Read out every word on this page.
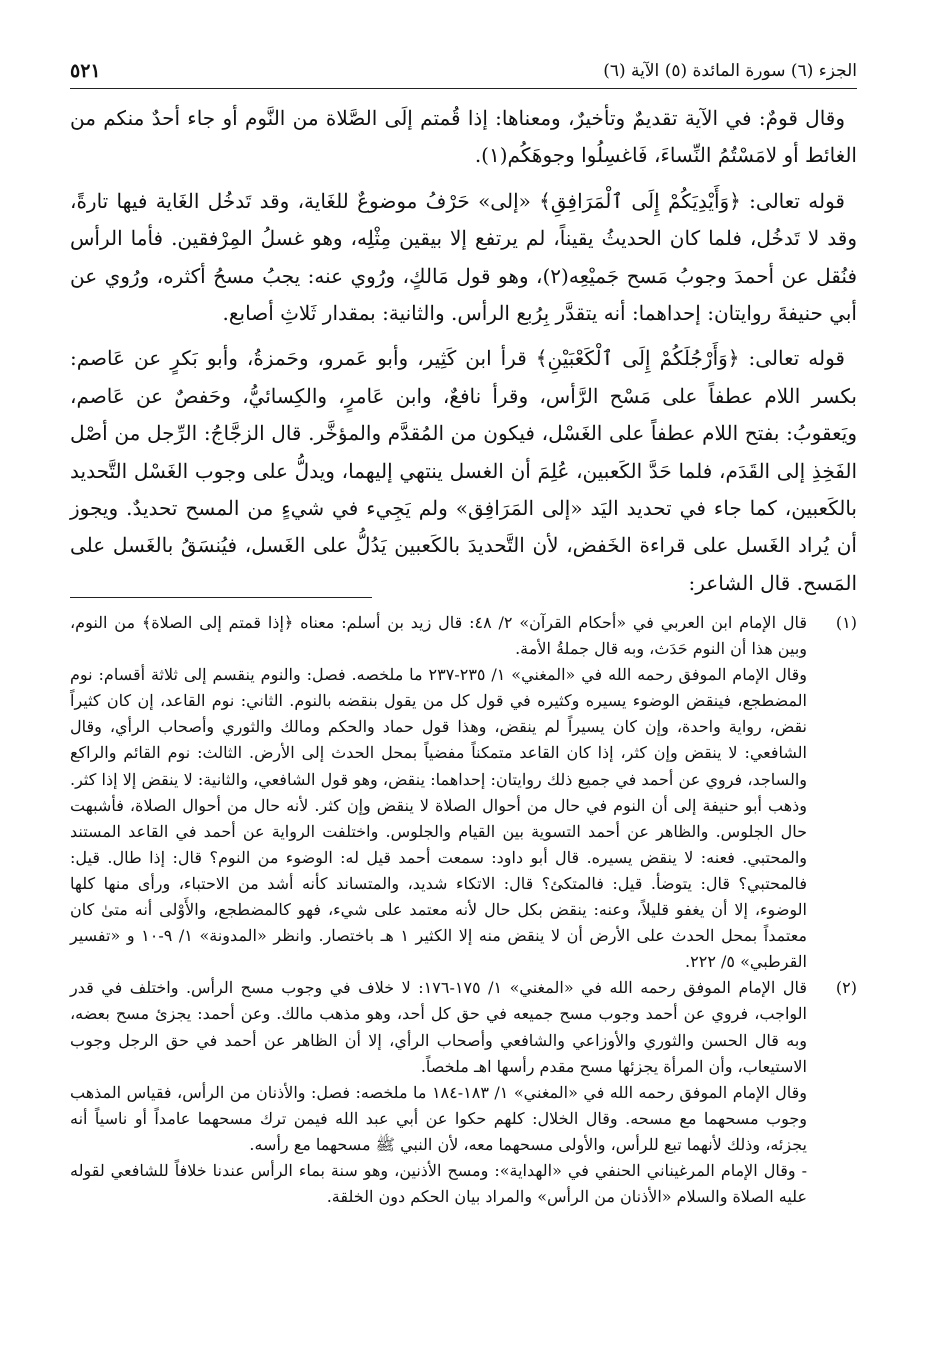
الجزء (٦) سورة المائدة (٥) الآية (٦)
٥٢١

وقال قومٌ: في الآية تقديمٌ وتأخيرٌ، ومعناها: إذا قُمتم إلَى الصَّلاة من النَّوم أو جاء أحدٌ منكم من الغائط أو لامَسْتُمُ النِّساءَ، فَاغسِلُوا وجوهَكُم(١).

قوله تعالى: ﴿وَأَيْدِيَكُمْ إِلَى ٱلْمَرَافِقِ﴾ «إلى» حَرْفُ موضوعٌ للغَاية، وقد تَدخُل الغَاية فيها تارةً، وقد لا تَدخُل، فلما كان الحديثُ يقيناً، لم يرتفع إلا بيقين مِثْلِه، وهو غسلُ المِرْفقين. فأما الرأس فنُقل عن أحمدَ وجوبُ مَسح جَميْعِه(٢)، وهو قول مَالكٍ، ورُوي عنه: يجبُ مسحُ أكثره، ورُوي عن أبي حنيفةَ روايتان: إحداهما: أنه يتقدَّر بِرُبع الرأس. والثانية: بمقدار ثَلاثِ أصابع.

قوله تعالى: ﴿وَأَرْجُلَكُمْ إِلَى ٱلْكَعْبَيْنِ﴾ قرأ ابن كَثِير، وأبو عَمرو، وحَمزةُ، وأبو بَكرٍ عن عَاصم: بكسر اللام عطفاً على مَسْح الرَّأس، وقرأ نافعٌ، وابن عَامرٍ، والكِسائيُّ، وحَفصٌ عن عَاصم، ويَعقوبُ: بفتح اللام عطفاً على الغَسْل، فيكون من المُقدَّم والمؤخَّر. قال الزجَّاجُ: الرِّجل من أصْل الفَخِذِ إلى القَدَم، فلما حَدَّ الكَعبين، عُلِمَ أن الغسل ينتهي إليهما، ويدلُّ على وجوب الغَسْل التَّحديد بالكَعبين، كما جاء في تحديد اليَد «إلى المَرَافِق» ولم يَجِيء في شيءٍ من المسح تحديدٌ. ويجوز أن يُراد الغَسل على قراءة الخَفض، لأن التَّحديدَ بالكَعبين يَدُلُّ على الغَسل، فيُنسَقُ بالغَسل على المَسح. قال الشاعر:

(١)
قال الإمام ابن العربي في «أحكام القرآن» ٢/ ٤٨: قال زيد بن أسلم: معناه ﴿إذا قمتم إلى الصلاة﴾ من النوم، وبين هذا أن النوم حَدَث، وبه قال جملةُ الأمة.
وقال الإمام الموفق رحمه الله في «المغني» ١/ ٢٣٥-٢٣٧ ما ملخصه. فصل: والنوم ينقسم إلى ثلاثة أقسام: نوم المضطجع، فينقض الوضوء يسيره وكثيره في قول كل من يقول بنقضه بالنوم. الثاني: نوم القاعد، إن كان كثيراً نقض، رواية واحدة، وإن كان يسيراً لم ينقض، وهذا قول حماد والحكم ومالك والثوري وأصحاب الرأي، وقال الشافعي: لا ينقض وإن كثر، إذا كان القاعد متمكناً مفضياً بمحل الحدث إلى الأرض. الثالث: نوم القائم والراكع والساجد، فروي عن أحمد في جميع ذلك روايتان: إحداهما: ينقض، وهو قول الشافعي، والثانية: لا ينقض إلا إذا كثر. وذهب أبو حنيفة إلى أن النوم في حال من أحوال الصلاة لا ينقض وإن كثر. لأنه حال من أحوال الصلاة، فأشبهت حال الجلوس. والظاهر عن أحمد التسوية بين القيام والجلوس. واختلفت الرواية عن أحمد في القاعد المستند والمحتبي. فعنه: لا ينقض يسيره. قال أبو داود: سمعت أحمد قيل له: الوضوء من النوم؟ قال: إذا طال. قيل: فالمحتبي؟ قال: يتوضأ. قيل: فالمتكئ؟ قال: الاتكاء شديد، والمتساند كأنه أشد من الاحتباء، ورأى منها كلها الوضوء، إلا أن يغفو قليلاً، وعنه: ينقض بكل حال لأنه معتمد على شيء، فهو كالمضطجع، والأَوْلى أنه متىٰ كان معتمداً بمحل الحدث على الأرض أن لا ينقض منه إلا الكثير ١ هـ باختصار. وانظر «المدونة» ١/ ٩-١٠ و «تفسير القرطبي» ٥/ ٢٢٢.
(٢)
قال الإمام الموفق رحمه الله في «المغني» ١/ ١٧٥-١٧٦: لا خلاف في وجوب مسح الرأس. واختلف في قدر الواجب، فروي عن أحمد وجوب مسح جميعه في حق كل أحد، وهو مذهب مالك. وعن أحمد: يجزئ مسح بعضه، وبه قال الحسن والثوري والأوزاعي والشافعي وأصحاب الرأي، إلا أن الظاهر عن أحمد في حق الرجل وجوب الاستيعاب، وأن المرأة يجزئها مسح مقدم رأسها اهـ ملخصاً.
وقال الإمام الموفق رحمه الله في «المغني» ١/ ١٨٣-١٨٤ ما ملخصه: فصل: والأذنان من الرأس، فقياس المذهب وجوب مسحهما مع مسحه. وقال الخلال: كلهم حكوا عن أبي عبد الله فيمن ترك مسحهما عامداً أو ناسياً أنه يجزئه، وذلك لأنهما تبع للرأس، والأولى مسحهما معه، لأن النبي ﷺ مسحهما مع رأسه.
- وقال الإمام المرغيناني الحنفي في «الهداية»: ومسح الأذنين، وهو سنة بماء الرأس عندنا خلافاً للشافعي لقوله عليه الصلاة والسلام «الأذنان من الرأس» والمراد بيان الحكم دون الخلقة.
